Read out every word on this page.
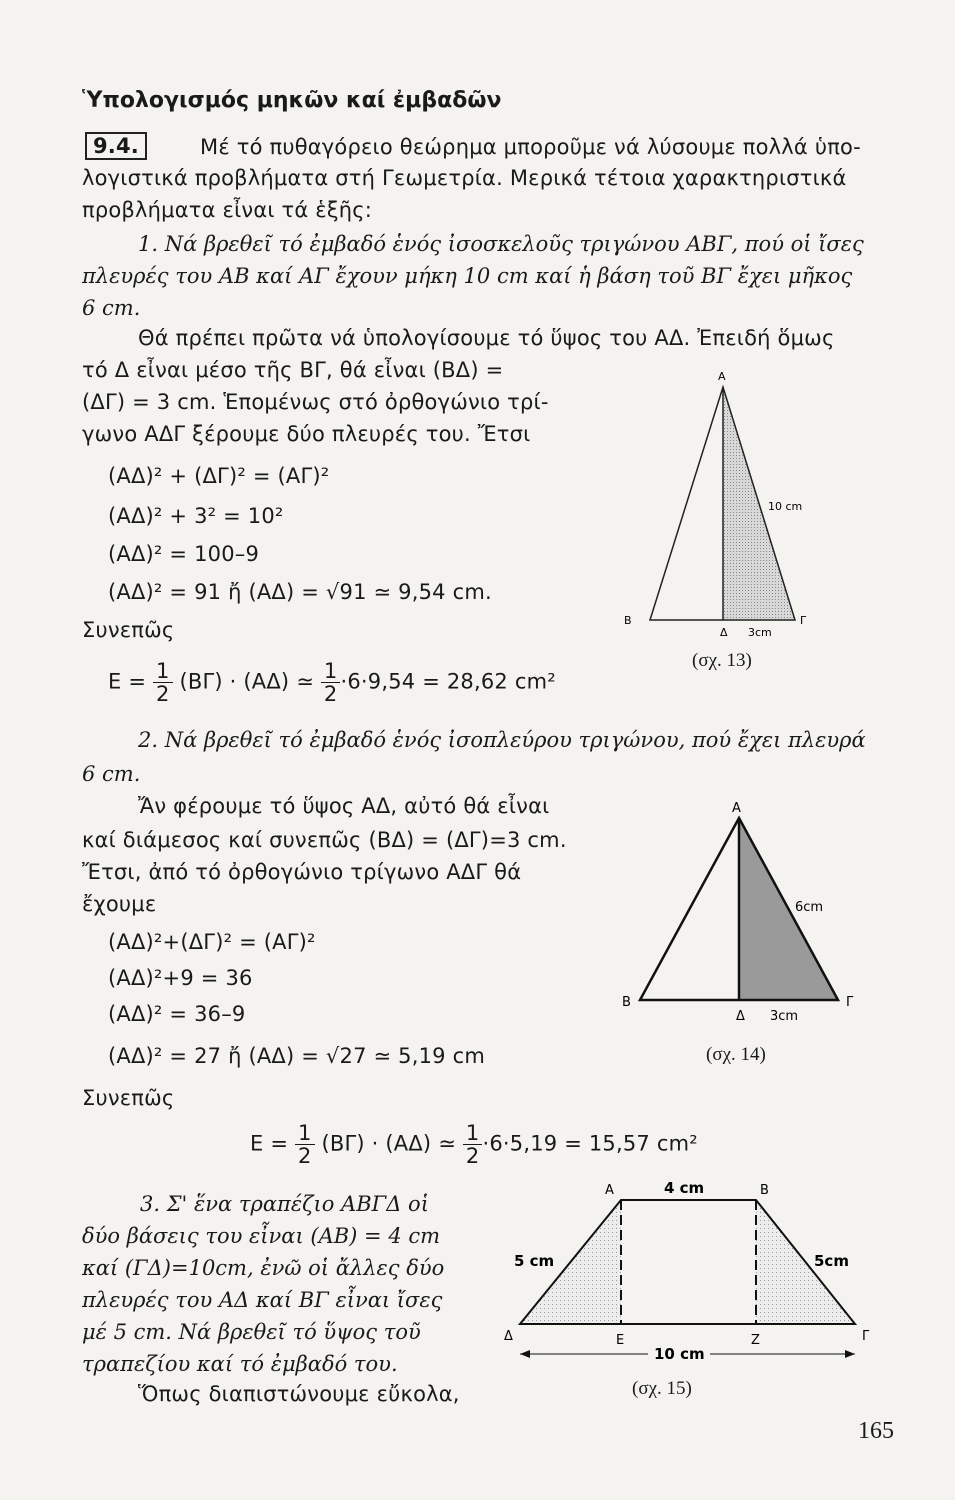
Ὑπολογισμός μηκῶν καί ἐμβαδῶν
9.4.	Μέ τό πυθαγόρειο θεώρημα μποροῦμε νά λύσουμε πολλά ὑπο-
λογιστικά προβλήματα στή Γεωμετρία. Μερικά τέτοια χαρακτηριστικά
προβλήματα εἶναι τά ἑξῆς:
1. Νά βρεθεῖ τό ἐμβαδό ἑνός ἰσοσκελοῦς τριγώνου ΑΒΓ, πού οἱ ἴσες
πλευρές του ΑΒ καί ΑΓ ἔχουν μήκη 10 cm καί ἡ βάση τοῦ ΒΓ ἔχει μῆκος
6 cm.
Θά πρέπει πρῶτα νά ὑπολογίσουμε τό ὕψος του ΑΔ. Ἐπειδή ὅμως
τό Δ εἶναι μέσο τῆς ΒΓ, θά εἶναι (ΒΔ) =
(ΔΓ) = 3 cm. Ἑπομένως στό ὀρθογώνιο τρί-
γωνο ΑΔΓ ξέρουμε δύο πλευρές του. Ἔτσι
(ΑΔ)² + (ΔΓ)² = (ΑΓ)²
(ΑΔ)² + 3² = 10²
(ΑΔ)² = 100–9
(ΑΔ)² = 91 ἤ (ΑΔ) = √91 ≃ 9,54 cm.
Συνεπῶς
$E = \frac{1}{2} (B\Gamma) \cdot (A\Delta)$ ≃ $\frac{1}{2} \cdot 6\cdot 9,54 = 28,62$ cm²
Α
Β	Γ
Δ
10 cm
3cm
(σχ. 13)
2. Νά βρεθεῖ τό ἐμβαδό ἑνός ἰσοπλεύρου τριγώνου, πού ἔχει πλευρά
6 cm.
Ἄν φέρουμε τό ὕψος ΑΔ, αὐτό θά εἶναι
καί διάμεσος καί συνεπῶς (ΒΔ) = (ΔΓ)=3 cm.
Ἔτσι, ἀπό τό ὀρθογώνιο τρίγωνο ΑΔΓ θά
ἔχουμε
(ΑΔ)²+(ΔΓ)² = (ΑΓ)²
(ΑΔ)²+9 = 36
(ΑΔ)² = 36–9
(ΑΔ)² = 27 ἤ (ΑΔ) = √27 ≃ 5,19 cm
Συνεπῶς
$E = \frac{1}{2} (B\Gamma) \cdot (A\Delta)$ ≃ $\frac{1}{2} \cdot 6\cdot 5,19 = 15,57$ cm²
Α
Β	Γ
Δ
6cm
3cm
(σχ. 14)
3. Σ' ἕνα τραπέζιο ΑΒΓΔ οἱ
δύο βάσεις του εἶναι (ΑΒ) = 4 cm
καί (ΓΔ)=10cm, ἐνῶ οἱ ἄλλες δύο
πλευρές του ΑΔ καί ΒΓ εἶναι ἴσες
μέ 5 cm. Νά βρεθεῖ τό ὕψος τοῦ
τραπεζίου καί τό ἐμβαδό του.
Ὅπως διαπιστώνουμε εὔκολα,
Α	Β
Δ	Γ
Ε	Ζ
4 cm
5 cm	5cm
10 cm
(σχ. 15)
165
